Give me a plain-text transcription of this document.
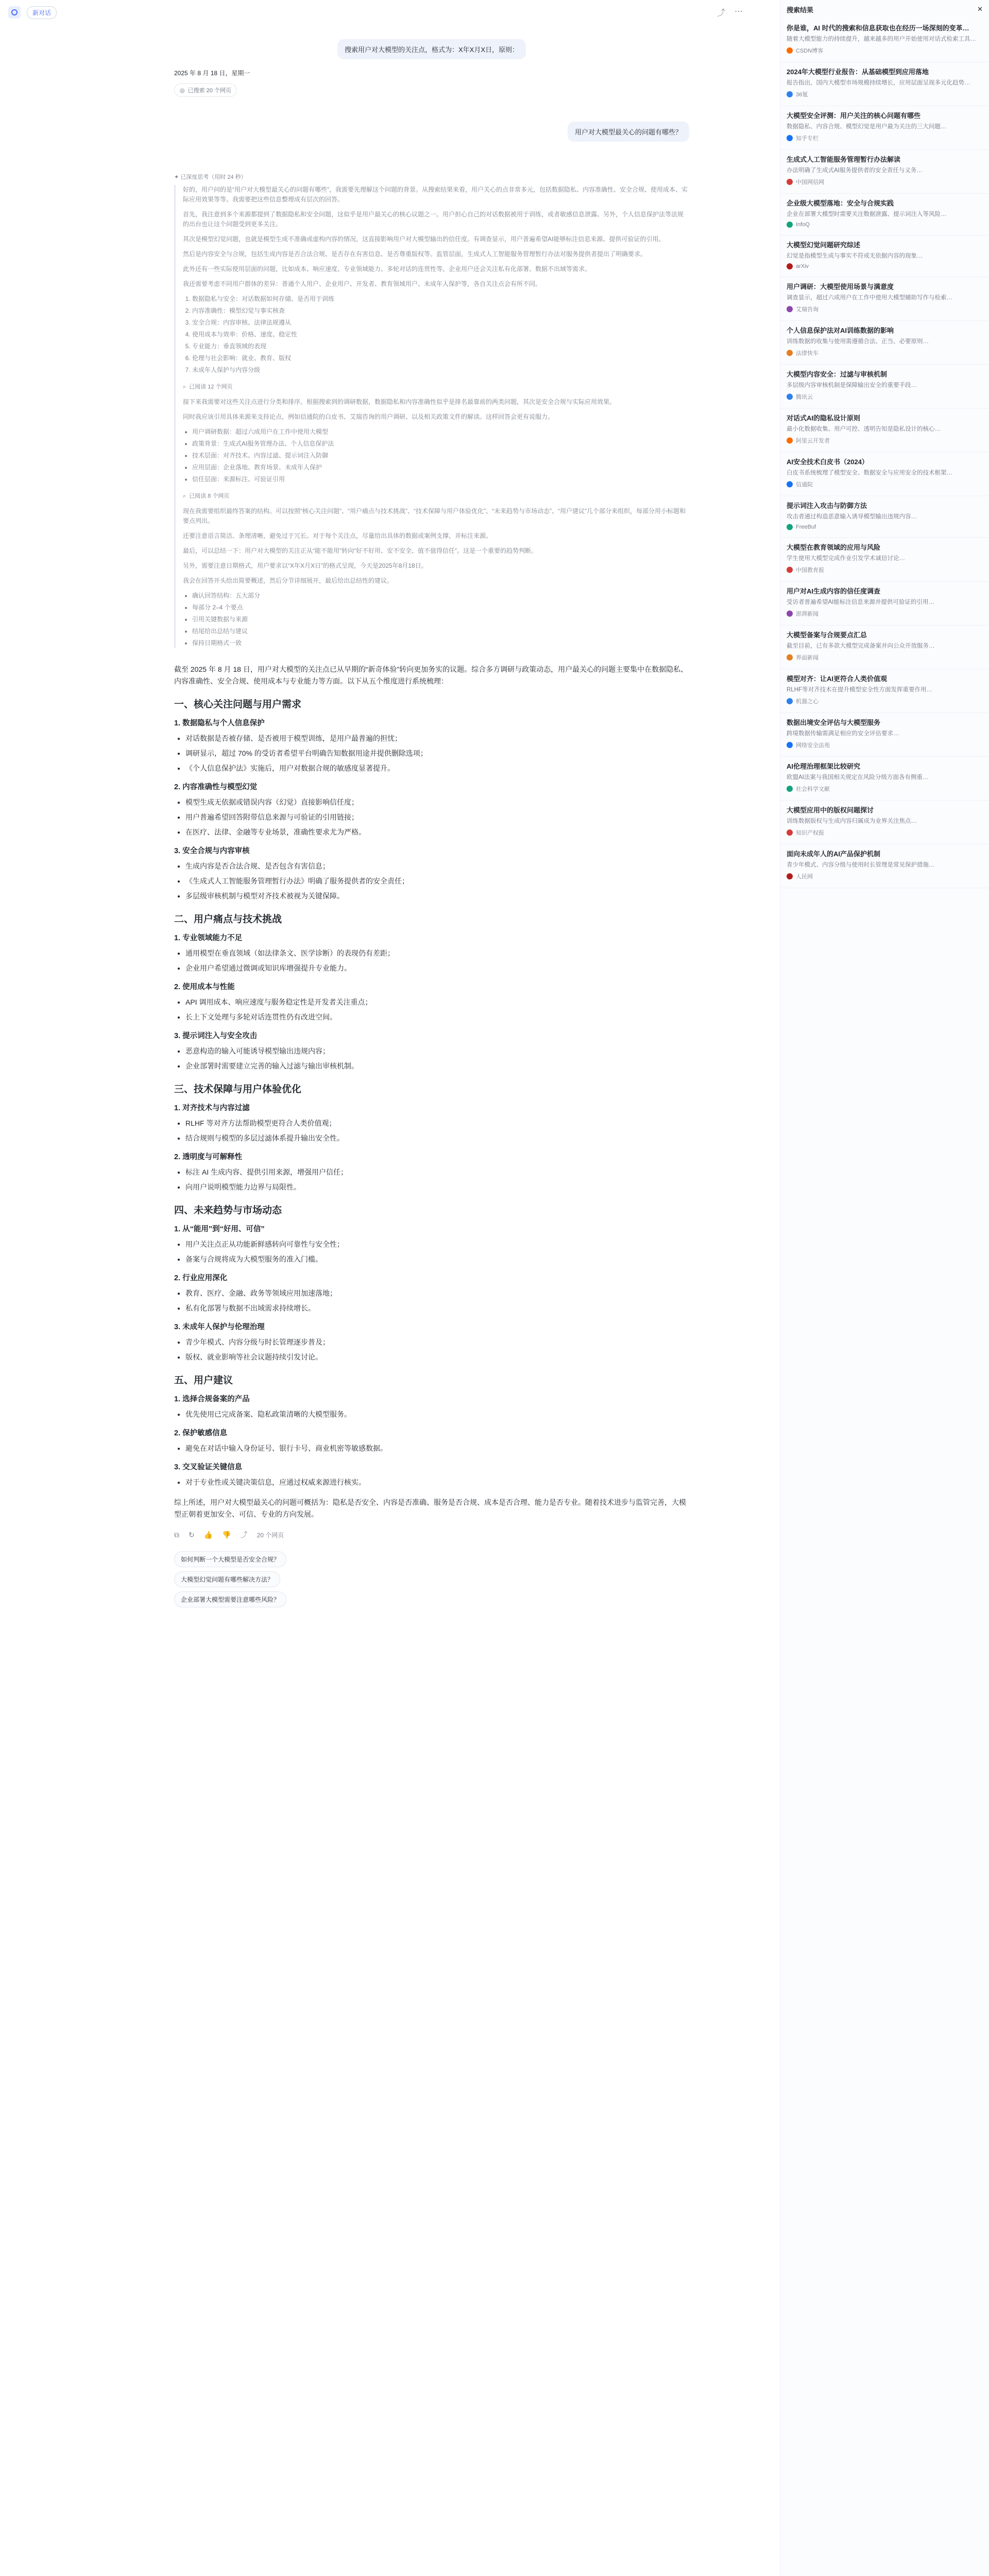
新对话	⤴ ⋯
搜索用户对大模型的关注点，格式为：X年X月X日，原则：
2025 年 8 月 18 日，星期一
◎ 已搜索 20 个网页
用户对大模型最关心的问题有哪些？
✦ 已深度思考（用时 24 秒）

好的，用户问的是“用户对大模型最关心的问题有哪些”，我需要先理解这个问题的背景。从搜索结果来看，用户关心的点非常多元，包括数据隐私、内容准确性、安全合规、使用成本、实际应用效果等等。我需要把这些信息整理成有层次的回答。

首先，我注意到多个来源都提到了数据隐私和安全问题，这似乎是用户最关心的核心议题之一。用户担心自己的对话数据被用于训练，或者敏感信息泄露。另外，个人信息保护法等法规的出台也让这个问题受到更多关注。

其次是模型幻觉问题，也就是模型生成不准确或虚构内容的情况。这直接影响用户对大模型输出的信任度。有调查显示，用户普遍希望AI能够标注信息来源、提供可验证的引用。

然后是内容安全与合规，包括生成内容是否合法合规、是否存在有害信息、是否尊重版权等。监管层面，生成式人工智能服务管理暂行办法对服务提供者提出了明确要求。

此外还有一些实际使用层面的问题，比如成本、响应速度、专业领域能力、多轮对话的连贯性等。企业用户还会关注私有化部署、数据不出域等需求。

我还需要考虑不同用户群体的差异：普通个人用户、企业用户、开发者、教育领域用户、未成年人保护等，各自关注点会有所不同。

1. 数据隐私与安全：对话数据如何存储、是否用于训练
2. 内容准确性：模型幻觉与事实核查
3. 安全合规：内容审核、法律法规遵从
4. 使用成本与效率：价格、速度、稳定性
5. 专业能力：垂直领域的表现
6. 伦理与社会影响：就业、教育、版权
7. 未成年人保护与内容分级
⌕ 已阅读 12 个网页

接下来我需要对这些关注点进行分类和排序。根据搜索到的调研数据，数据隐私和内容准确性似乎是排名最靠前的两类问题，其次是安全合规与实际应用效果。

同时我应该引用具体来源来支持论点，例如信通院的白皮书、艾瑞咨询的用户调研、以及相关政策文件的解读。这样回答会更有说服力。

• 用户调研数据：超过六成用户在工作中使用大模型
• 政策背景：生成式AI服务管理办法、个人信息保护法
• 技术层面：对齐技术、内容过滤、提示词注入防御
• 应用层面：企业落地、教育场景、未成年人保护
• 信任层面：来源标注、可验证引用
⌕ 已阅读 8 个网页

现在我需要组织最终答案的结构。可以按照“核心关注问题”、“用户痛点与技术挑战”、“技术保障与用户体验优化”、“未来趋势与市场动态”、“用户建议”几个部分来组织，每部分用小标题和要点列出。

还要注意语言简洁、条理清晰，避免过于冗长。对于每个关注点，尽量给出具体的数据或案例支撑，并标注来源。

最后，可以总结一下：用户对大模型的关注正从“能不能用”转向“好不好用、安不安全、值不值得信任”。这是一个重要的趋势判断。

另外，需要注意日期格式，用户要求以“X年X月X日”的格式呈现，今天是2025年8月18日。

我会在回答开头给出简要概述，然后分节详细展开，最后给出总结性的建议。

• 确认回答结构：五大部分
• 每部分 2–4 个要点
• 引用关键数据与来源
• 结尾给出总结与建议
• 保持日期格式一致

截至 2025 年 8 月 18 日，用户对大模型的关注点已从早期的“新奇体验”转向更加务实的议题。综合多方调研与政策动态，用户最关心的问题主要集中在数据隐私、内容准确性、安全合规、使用成本与专业能力等方面。以下从五个维度进行系统梳理：

一、核心关注问题与用户需求
1. 数据隐私与个人信息保护
• 对话数据是否被存储、是否被用于模型训练，是用户最普遍的担忧；
• 调研显示，超过 70% 的受访者希望平台明确告知数据用途并提供删除选项；
• 《个人信息保护法》实施后，用户对数据合规的敏感度显著提升。
2. 内容准确性与模型幻觉
• 模型生成无依据或错误内容（幻觉）直接影响信任度；
• 用户普遍希望回答附带信息来源与可验证的引用链接；
• 在医疗、法律、金融等专业场景，准确性要求尤为严格。
3. 安全合规与内容审核
• 生成内容是否合法合规、是否包含有害信息；
• 《生成式人工智能服务管理暂行办法》明确了服务提供者的安全责任；
• 多层级审核机制与模型对齐技术被视为关键保障。
二、用户痛点与技术挑战
1. 专业领域能力不足
• 通用模型在垂直领域（如法律条文、医学诊断）的表现仍有差距；
• 企业用户希望通过微调或知识库增强提升专业能力。
2. 使用成本与性能
• API 调用成本、响应速度与服务稳定性是开发者关注重点；
• 长上下文处理与多轮对话连贯性仍有改进空间。
3. 提示词注入与安全攻击
• 恶意构造的输入可能诱导模型输出违规内容；
• 企业部署时需要建立完善的输入过滤与输出审核机制。
三、技术保障与用户体验优化
1. 对齐技术与内容过滤
• RLHF 等对齐方法帮助模型更符合人类价值观；
• 结合规则与模型的多层过滤体系提升输出安全性。
2. 透明度与可解释性
• 标注 AI 生成内容、提供引用来源，增强用户信任；
• 向用户说明模型能力边界与局限性。
四、未来趋势与市场动态
1. 从“能用”到“好用、可信”
• 用户关注点正从功能新鲜感转向可靠性与安全性；
• 备案与合规将成为大模型服务的准入门槛。
2. 行业应用深化
• 教育、医疗、金融、政务等领域应用加速落地；
• 私有化部署与数据不出域需求持续增长。
3. 未成年人保护与伦理治理
• 青少年模式、内容分级与时长管理逐步普及；
• 版权、就业影响等社会议题持续引发讨论。
五、用户建议
1. 选择合规备案的产品
• 优先使用已完成备案、隐私政策清晰的大模型服务。
2. 保护敏感信息
• 避免在对话中输入身份证号、银行卡号、商业机密等敏感数据。
3. 交叉验证关键信息
• 对于专业性或关键决策信息，应通过权威来源进行核实。

综上所述，用户对大模型最关心的问题可概括为：隐私是否安全、内容是否准确、服务是否合规、成本是否合理、能力是否专业。随着技术进步与监管完善，大模型正朝着更加安全、可信、专业的方向发展。

⧉ ↻ 👍 👎 ⤴ 20 个网页
如何判断一个大模型是否安全合规？
大模型幻觉问题有哪些解决方法？
企业部署大模型需要注意哪些风险？
搜索结果	✕
你是谁，AI 时代的搜索和信息获取也在经历一场深刻的变革…
随着大模型能力的持续提升，越来越多的用户开始使用对话式检索工具…
CSDN博客
2024年大模型行业报告：从基础模型到应用落地
报告指出，国内大模型市场规模持续增长，应用层面呈现多元化趋势…
36氪
大模型安全评测：用户关注的核心问题有哪些
数据隐私、内容合规、模型幻觉是用户最为关注的三大问题…
知乎专栏
生成式人工智能服务管理暂行办法解读
办法明确了生成式AI服务提供者的安全责任与义务…
中国网信网
企业级大模型落地：安全与合规实践
企业在部署大模型时需要关注数据泄露、提示词注入等风险…
InfoQ
大模型幻觉问题研究综述
幻觉是指模型生成与事实不符或无依据内容的现象…
arXiv
用户调研：大模型使用场景与满意度
调查显示，超过六成用户在工作中使用大模型辅助写作与检索…
艾瑞咨询
个人信息保护法对AI训练数据的影响
训练数据的收集与使用需遵循合法、正当、必要原则…
法律快车
大模型内容安全：过滤与审核机制
多层级内容审核机制是保障输出安全的重要手段…
腾讯云
对话式AI的隐私设计原则
最小化数据收集、用户可控、透明告知是隐私设计的核心…
阿里云开发者
AI安全技术白皮书（2024）
白皮书系统梳理了模型安全、数据安全与应用安全的技术框架…
信通院
提示词注入攻击与防御方法
攻击者通过构造恶意输入诱导模型输出违规内容…
FreeBuf
大模型在教育领域的应用与风险
学生使用大模型完成作业引发学术诚信讨论…
中国教育报
用户对AI生成内容的信任度调查
受访者普遍希望AI能标注信息来源并提供可验证的引用…
澎湃新闻
大模型备案与合规要点汇总
截至目前，已有多款大模型完成备案并向公众开放服务…
界面新闻
模型对齐：让AI更符合人类价值观
RLHF等对齐技术在提升模型安全性方面发挥重要作用…
机器之心
数据出境安全评估与大模型服务
跨境数据传输需满足相应的安全评估要求…
网络安全法苑
AI伦理治理框架比较研究
欧盟AI法案与我国相关规定在风险分级方面各有侧重…
社会科学文献
大模型应用中的版权问题探讨
训练数据版权与生成内容归属成为业界关注焦点…
知识产权报
面向未成年人的AI产品保护机制
青少年模式、内容分级与使用时长管理是常见保护措施…
人民网
